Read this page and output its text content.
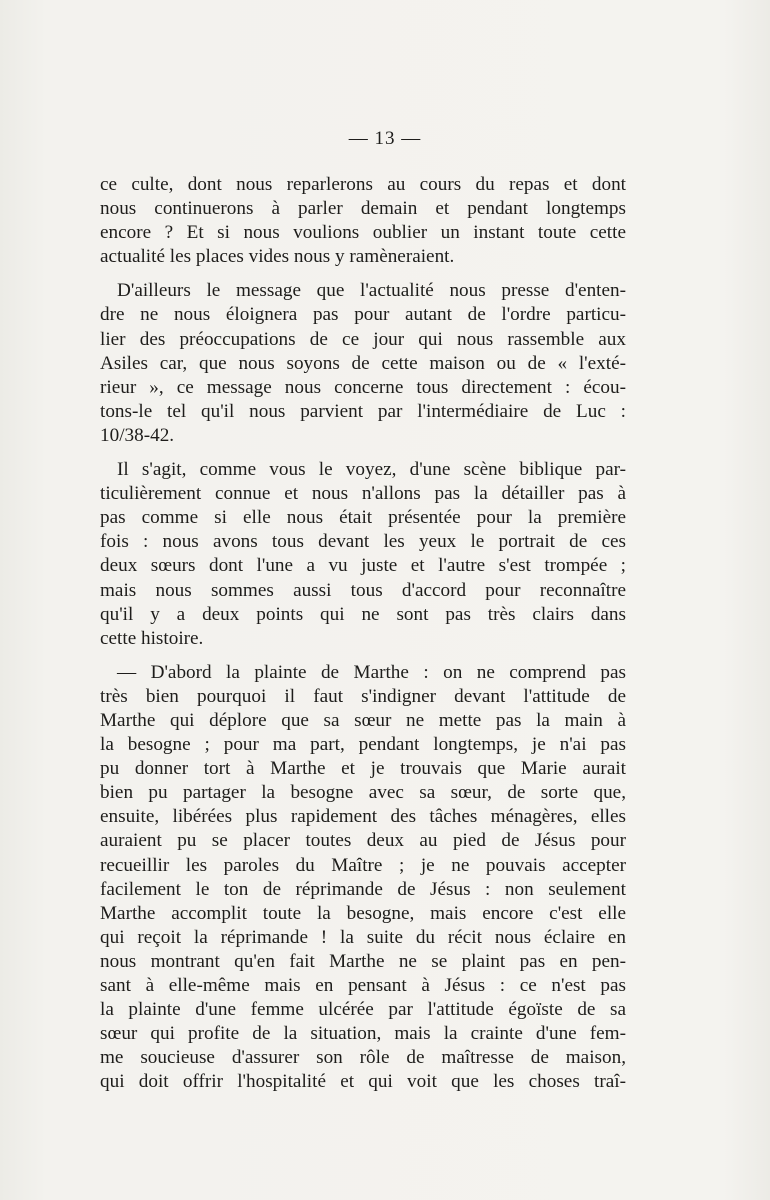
— 13 —
ce culte, dont nous reparlerons au cours du repas et dont
nous continuerons à parler demain et pendant longtemps
encore ? Et si nous voulions oublier un instant toute cette
actualité les places vides nous y ramèneraient.
D'ailleurs le message que l'actualité nous presse d'enten-
dre ne nous éloignera pas pour autant de l'ordre particu-
lier des préoccupations de ce jour qui nous rassemble aux
Asiles car, que nous soyons de cette maison ou de « l'exté-
rieur », ce message nous concerne tous directement : écou-
tons-le tel qu'il nous parvient par l'intermédiaire de Luc :
10/38-42.
Il s'agit, comme vous le voyez, d'une scène biblique par-
ticulièrement connue et nous n'allons pas la détailler pas à
pas comme si elle nous était présentée pour la première
fois : nous avons tous devant les yeux le portrait de ces
deux sœurs dont l'une a vu juste et l'autre s'est trompée ;
mais nous sommes aussi tous d'accord pour reconnaître
qu'il y a deux points qui ne sont pas très clairs dans
cette histoire.
— D'abord la plainte de Marthe : on ne comprend pas
très bien pourquoi il faut s'indigner devant l'attitude de
Marthe qui déplore que sa sœur ne mette pas la main à
la besogne ; pour ma part, pendant longtemps, je n'ai pas
pu donner tort à Marthe et je trouvais que Marie aurait
bien pu partager la besogne avec sa sœur, de sorte que,
ensuite, libérées plus rapidement des tâches ménagères, elles
auraient pu se placer toutes deux au pied de Jésus pour
recueillir les paroles du Maître ; je ne pouvais accepter
facilement le ton de réprimande de Jésus : non seulement
Marthe accomplit toute la besogne, mais encore c'est elle
qui reçoit la réprimande ! la suite du récit nous éclaire en
nous montrant qu'en fait Marthe ne se plaint pas en pen-
sant à elle-même mais en pensant à Jésus : ce n'est pas
la plainte d'une femme ulcérée par l'attitude égoïste de sa
sœur qui profite de la situation, mais la crainte d'une fem-
me soucieuse d'assurer son rôle de maîtresse de maison,
qui doit offrir l'hospitalité et qui voit que les choses traî-
